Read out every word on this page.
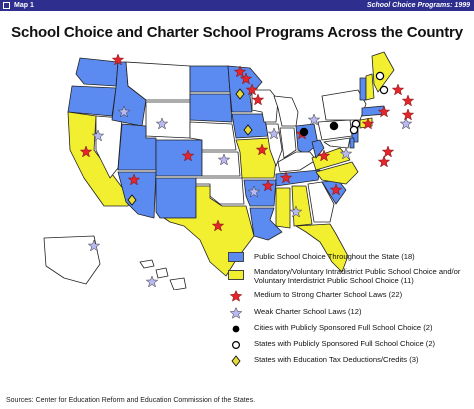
Map 1	School Choice Programs: 1999
School Choice and Charter School Programs Across the Country
Public School Choice Throughout the State (18)
Mandatory/Voluntary Intradistrict Public School Choice and/or Voluntary Interdistrict Public School Choice (11)
Medium to Strong Charter School Laws (22)
Weak Charter School Laws (12)
Cities with Publicly Sponsored Full School Choice (2)
States with Publicly Sponsored Full School Choice (2)
States with Education Tax Deductions/Credits (3)
Sources: Center for Education Reform and Education Commission of the States.
